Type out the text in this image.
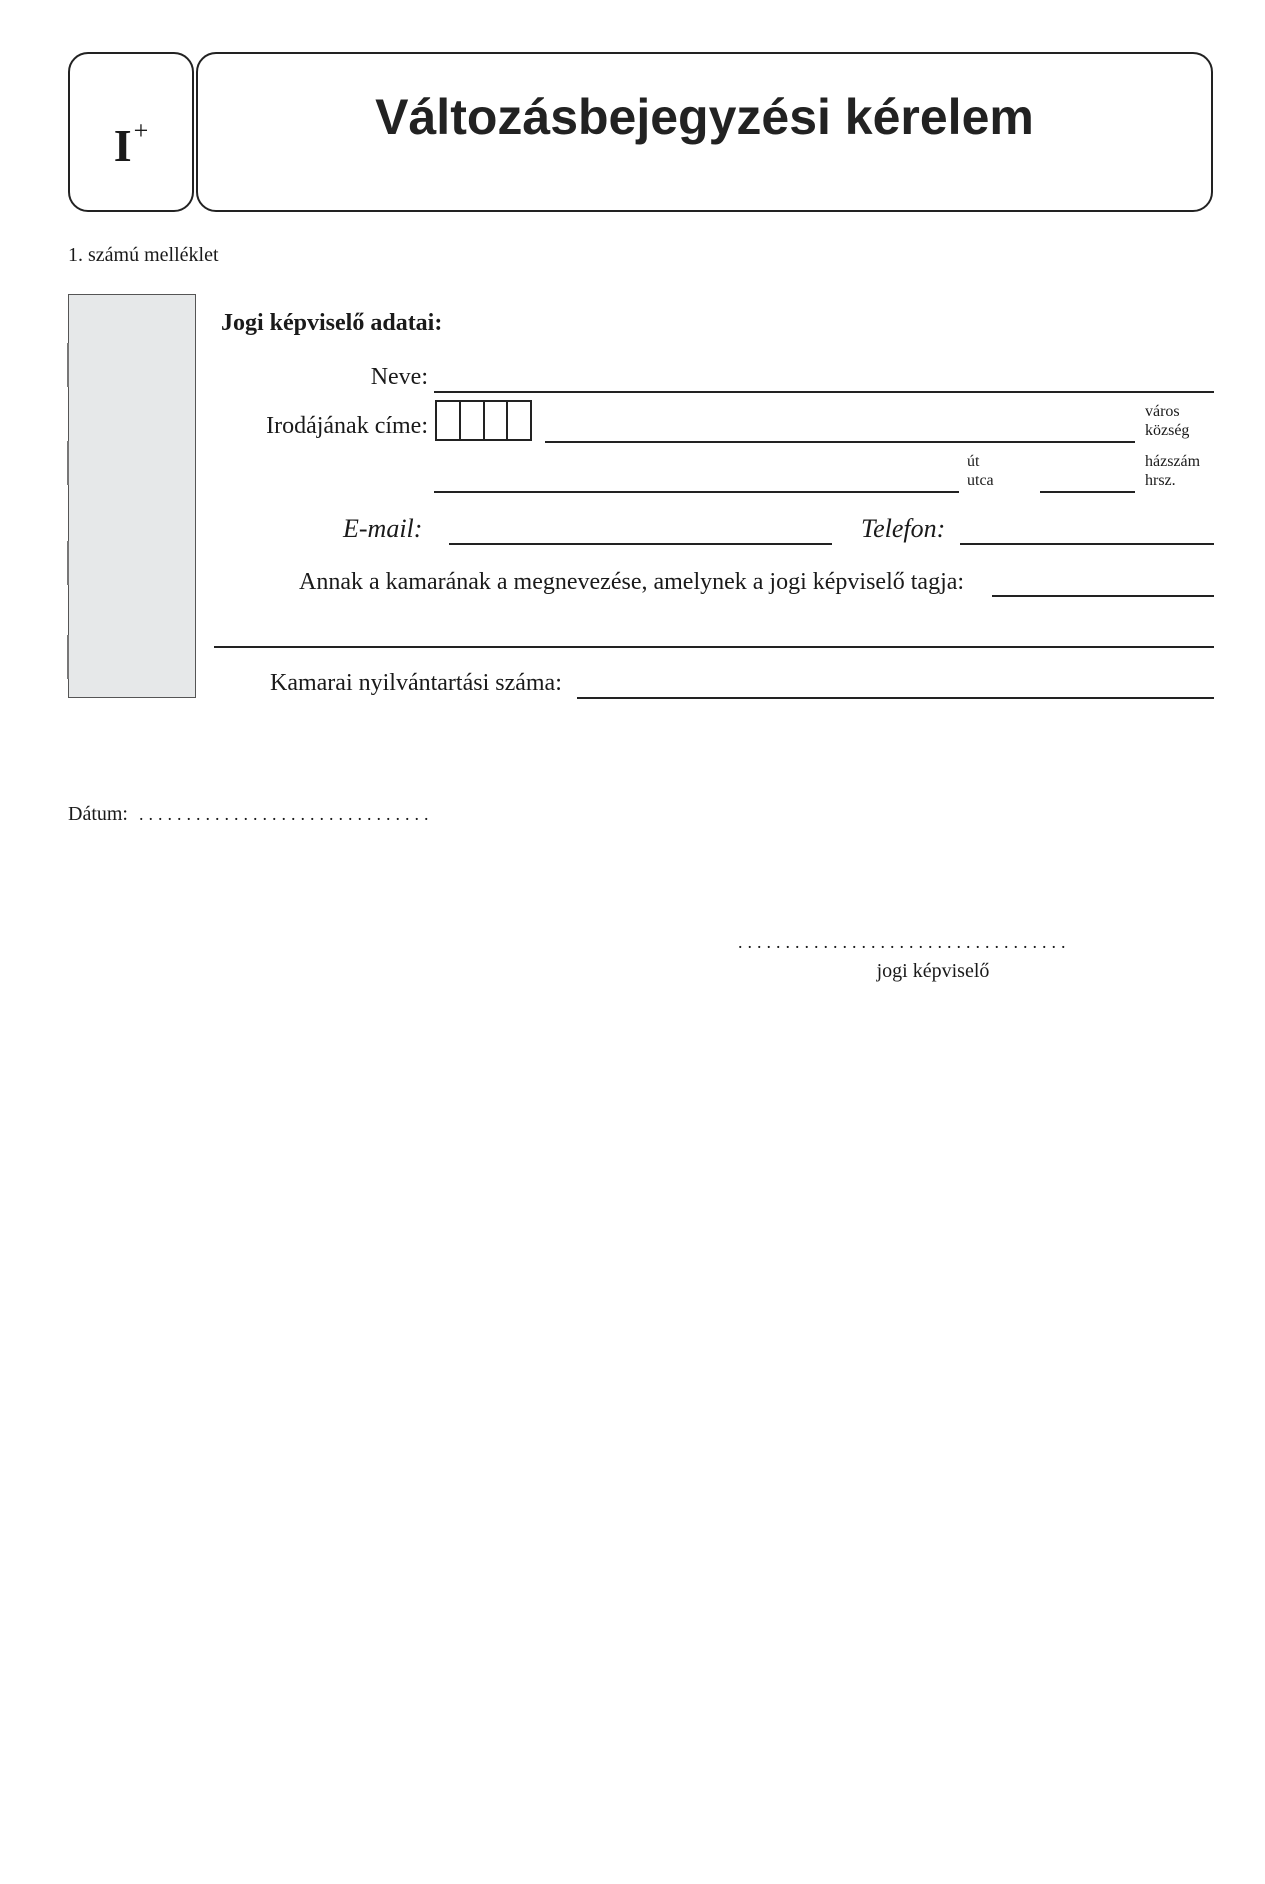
I+	Változásbejegyzési kérelem
1. számú melléklet
Jogi képviselő adatai:
Neve:
Irodájának címe:
város
község
út
utca
házszám
hrsz.
E-mail:	Telefon:
Annak a kamarának a megnevezése, amelynek a jogi képviselő tagja:
Kamarai nyilvántartási száma:
Dátum: ...............................
...................................
jogi képviselő
